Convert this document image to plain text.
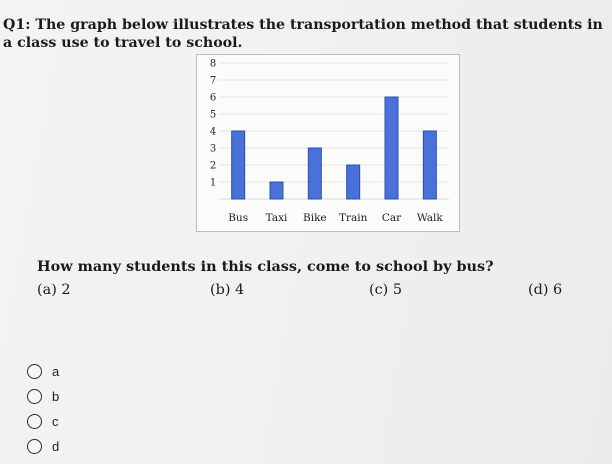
Q1: The graph below illustrates the transportation method that students in a class use to travel to school.

1
2
3
4
5
6
7
8
Bus Taxi Bike Train Car Walk

How many students in this class, come to school by bus?

(a) 2	(b) 4	(c) 5	(d) 6
a
b
c
d
